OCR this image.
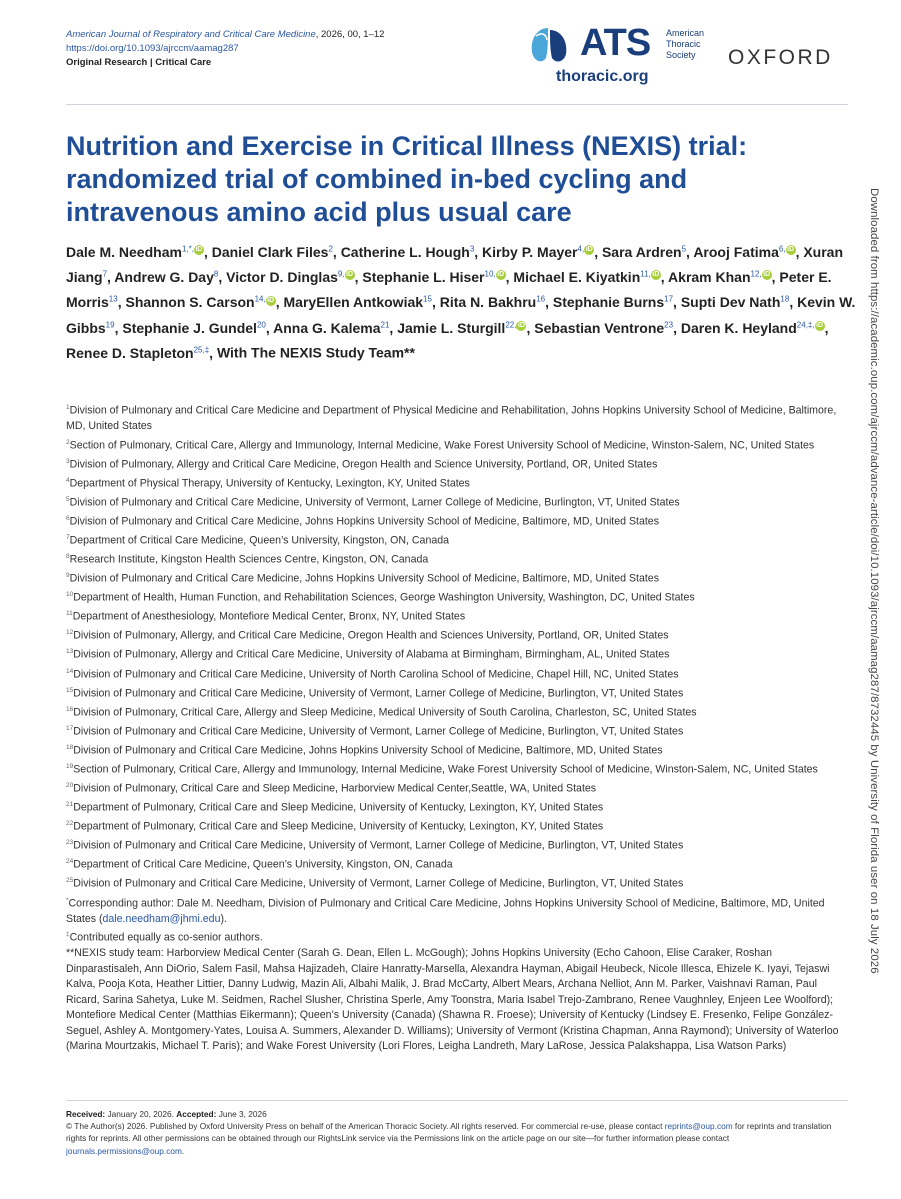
American Journal of Respiratory and Critical Care Medicine, 2026, 00, 1–12
https://doi.org/10.1093/ajrccm/aamag287
Original Research | Critical Care	ATS American
Thoracic
Society
thoracic.org
OXFORD
Nutrition and Exercise in Critical Illness (NEXIS) trial: randomized trial of combined in-bed cycling and intravenous amino acid plus usual care
Dale M. Needham$^{1,*,}$ iD , Daniel Clark Files$^2$, Catherine L. Hough$^3$, Kirby P. Mayer$^{4,}$ iD , Sara Ardren$^5$, Arooj Fatima$^{6,}$ iD , Xuran Jiang$^7$, Andrew G. Day$^8$, Victor D. Dinglas$^{9,}$ iD , Stephanie L. Hiser$^{10,}$ iD , Michael E. Kiyatkin$^{11,}$ iD , Akram Khan$^{12,}$ iD , Peter E. Morris$^{13}$, Shannon S. Carson$^{14,}$ iD , MaryEllen Antkowiak$^{15}$, Rita N. Bakhru$^{16}$, Stephanie Burns$^{17}$, Supti Dev Nath$^{18}$, Kevin W. Gibbs$^{19}$, Stephanie J. Gundel$^{20}$, Anna G. Kalema$^{21}$, Jamie L. Sturgill$^{22,}$ iD , Sebastian Ventrone$^{23}$, Daren K. Heyland$^{24,\ddagger,}$ iD , Renee D. Stapleton$^{25,\ddagger}$, With The NEXIS Study Team**
$^1$Division of Pulmonary and Critical Care Medicine and Department of Physical Medicine and Rehabilitation, Johns Hopkins University School of Medicine, Baltimore, MD, United States
$^2$Section of Pulmonary, Critical Care, Allergy and Immunology, Internal Medicine, Wake Forest University School of Medicine, Winston-Salem, NC, United States
$^3$Division of Pulmonary, Allergy and Critical Care Medicine, Oregon Health and Science University, Portland, OR, United States
$^4$Department of Physical Therapy, University of Kentucky, Lexington, KY, United States
$^5$Division of Pulmonary and Critical Care Medicine, University of Vermont, Larner College of Medicine, Burlington, VT, United States
$^6$Division of Pulmonary and Critical Care Medicine, Johns Hopkins University School of Medicine, Baltimore, MD, United States
$^7$Department of Critical Care Medicine, Queen’s University, Kingston, ON, Canada
$^8$Research Institute, Kingston Health Sciences Centre, Kingston, ON, Canada
$^9$Division of Pulmonary and Critical Care Medicine, Johns Hopkins University School of Medicine, Baltimore, MD, United States
$^{10}$Department of Health, Human Function, and Rehabilitation Sciences, George Washington University, Washington, DC, United States
$^{11}$Department of Anesthesiology, Montefiore Medical Center, Bronx, NY, United States
$^{12}$Division of Pulmonary, Allergy, and Critical Care Medicine, Oregon Health and Sciences University, Portland, OR, United States
$^{13}$Division of Pulmonary, Allergy and Critical Care Medicine, University of Alabama at Birmingham, Birmingham, AL, United States
$^{14}$Division of Pulmonary and Critical Care Medicine, University of North Carolina School of Medicine, Chapel Hill, NC, United States
$^{15}$Division of Pulmonary and Critical Care Medicine, University of Vermont, Larner College of Medicine, Burlington, VT, United States
$^{16}$Division of Pulmonary, Critical Care, Allergy and Sleep Medicine, Medical University of South Carolina, Charleston, SC, United States
$^{17}$Division of Pulmonary and Critical Care Medicine, University of Vermont, Larner College of Medicine, Burlington, VT, United States
$^{18}$Division of Pulmonary and Critical Care Medicine, Johns Hopkins University School of Medicine, Baltimore, MD, United States
$^{19}$Section of Pulmonary, Critical Care, Allergy and Immunology, Internal Medicine, Wake Forest University School of Medicine, Winston-Salem, NC, United States
$^{20}$Division of Pulmonary, Critical Care and Sleep Medicine, Harborview Medical Center,Seattle, WA, United States
$^{21}$Department of Pulmonary, Critical Care and Sleep Medicine, University of Kentucky, Lexington, KY, United States
$^{22}$Department of Pulmonary, Critical Care and Sleep Medicine, University of Kentucky, Lexington, KY, United States
$^{23}$Division of Pulmonary and Critical Care Medicine, University of Vermont, Larner College of Medicine, Burlington, VT, United States
$^{24}$Department of Critical Care Medicine, Queen’s University, Kingston, ON, Canada
$^{25}$Division of Pulmonary and Critical Care Medicine, University of Vermont, Larner College of Medicine, Burlington, VT, United States
*Corresponding author: Dale M. Needham, Division of Pulmonary and Critical Care Medicine, Johns Hopkins University School of Medicine, Baltimore, MD, United States (dale.needham@jhmi.edu).
‡Contributed equally as co-senior authors.
**NEXIS study team: Harborview Medical Center (Sarah G. Dean, Ellen L. McGough); Johns Hopkins University (Echo Cahoon, Elise Caraker, Roshan Dinparastisaleh, Ann DiOrio, Salem Fasil, Mahsa Hajizadeh, Claire Hanratty-Marsella, Alexandra Hayman, Abigail Heubeck, Nicole Illesca, Ehizele K. Iyayi, Tejaswi Kalva, Pooja Kota, Heather Littier, Danny Ludwig, Mazin Ali, Albahi Malik, J. Brad McCarty, Albert Mears, Archana Nelliot, Ann M. Parker, Vaishnavi Raman, Paul Ricard, Sarina Sahetya, Luke M. Seidmen, Rachel Slusher, Christina Sperle, Amy Toonstra, Maria Isabel Trejo-Zambrano, Renee Vaughnley, Enjeen Lee Woolford); Montefiore Medical Center (Matthias Eikermann); Queen’s University (Canada) (Shawna R. Froese); University of Kentucky (Lindsey E. Fresenko, Felipe González-Seguel, Ashley A. Montgomery-Yates, Louisa A. Summers, Alexander D. Williams); University of Vermont (Kristina Chapman, Anna Raymond); University of Waterloo (Marina Mourtzakis, Michael T. Paris); and Wake Forest University (Lori Flores, Leigha Landreth, Mary LaRose, Jessica Palakshappa, Lisa Watson Parks)
Downloaded from https://academic.oup.com/ajrccm/advance-article/doi/10.1093/ajrccm/aamag287/8732445 by University of Florida user on 18 July 2026
Received: January 20, 2026. Accepted: June 3, 2026
© The Author(s) 2026. Published by Oxford University Press on behalf of the American Thoracic Society. All rights reserved. For commercial re-use, please contact reprints@oup.com for reprints and translation rights for reprints. All other permissions can be obtained through our RightsLink service via the Permissions link on the article page on our site—for further information please contact journals.permissions@oup.com.
